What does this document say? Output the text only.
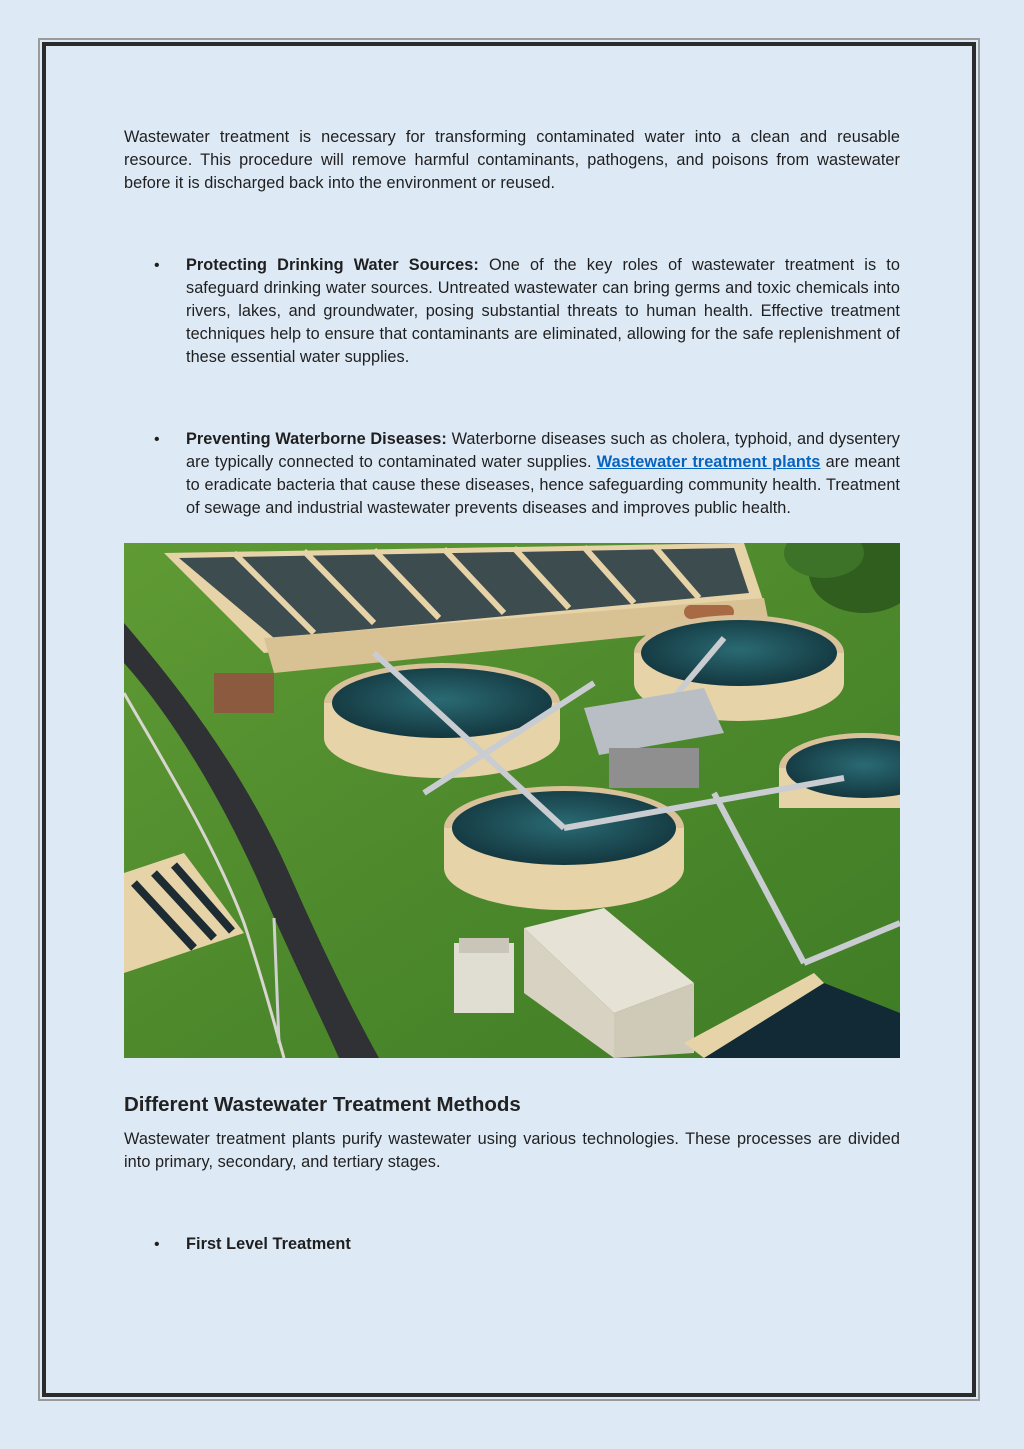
Wastewater treatment is necessary for transforming contaminated water into a clean and reusable resource. This procedure will remove harmful contaminants, pathogens, and poisons from wastewater before it is discharged back into the environment or reused.

• Protecting Drinking Water Sources: One of the key roles of wastewater treatment is to safeguard drinking water sources. Untreated wastewater can bring germs and toxic chemicals into rivers, lakes, and groundwater, posing substantial threats to human health. Effective treatment techniques help to ensure that contaminants are eliminated, allowing for the safe replenishment of these essential water supplies.

• Preventing Waterborne Diseases: Waterborne diseases such as cholera, typhoid, and dysentery are typically connected to contaminated water supplies. Wastewater treatment plants are meant to eradicate bacteria that cause these diseases, hence safeguarding community health. Treatment of sewage and industrial wastewater prevents diseases and improves public health.

Different Wastewater Treatment Methods

Wastewater treatment plants purify wastewater using various technologies. These processes are divided into primary, secondary, and tertiary stages.

• First Level Treatment
